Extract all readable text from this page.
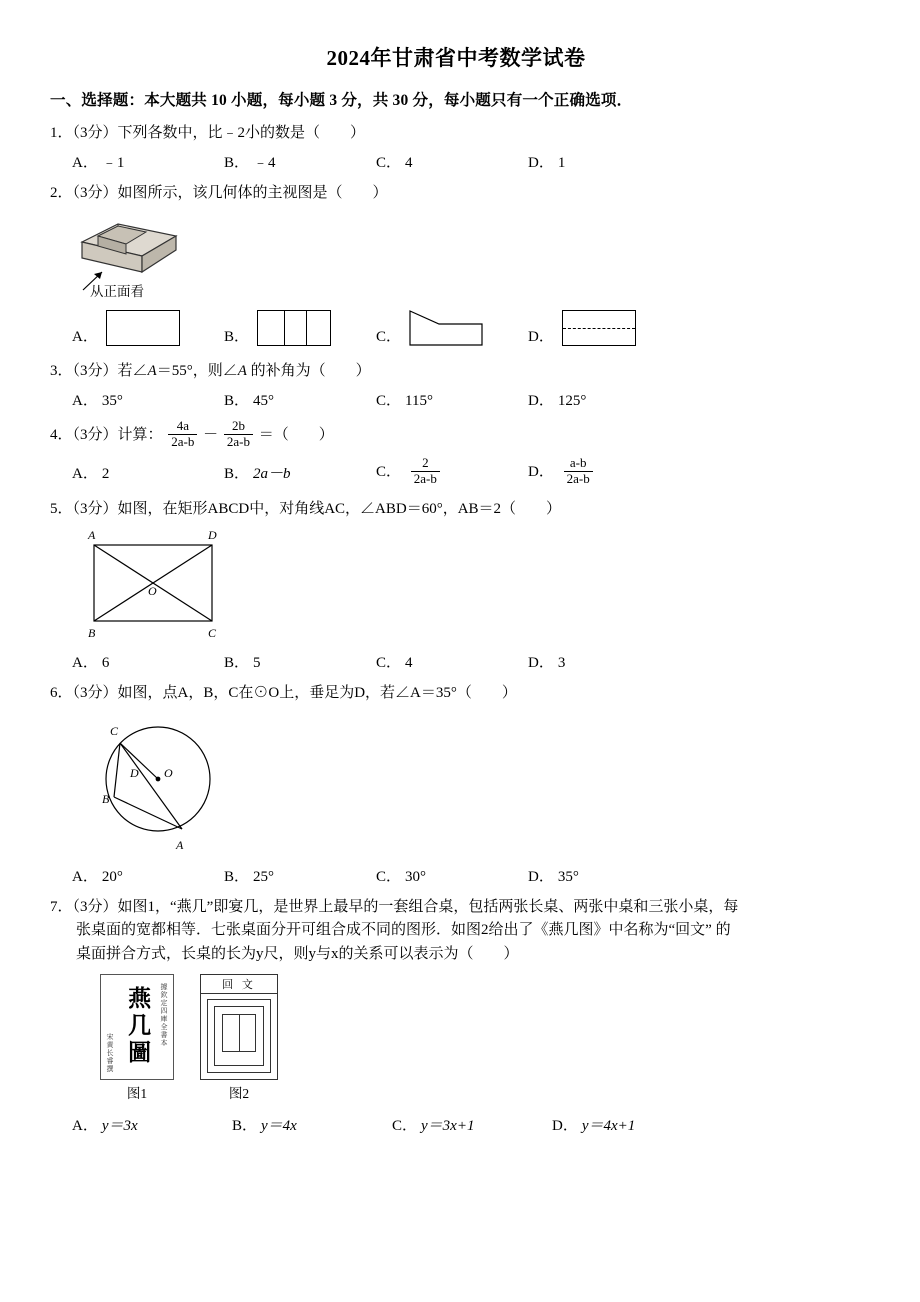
2024年甘肃省中考数学试卷
一、选择题：本大题共 10 小题，每小题 3 分，共 30 分，每小题只有一个正确选项．
1．（3分）下列各数中，比﹣2小的数是（　　）
A． ﹣1	B． ﹣4	C． 4	D． 1
2．（3分）如图所示，该几何体的主视图是（　　）
从正面看
A．	B．	C．	D．
3．（3分）若∠A＝55°，则∠A 的补角为（　　）
A． 35°	B． 45°	C． 115°	D． 125°
4．（3分）计算： $\frac{4a}{2a-b} - \frac{2b}{2a-b}$ ＝（　　）
A． 2	B． 2a－b	C． $\frac{2}{2a-b}$	D． $\frac{a-b}{2a-b}$
5．（3分）如图，在矩形ABCD中，对角线AC，∠ABD＝60°，AB＝2（　　）
A	D
B	C
O
A． 6	B． 5	C． 4	D． 3
6．（3分）如图，点A，B，C在⊙O上，垂足为D，若∠A＝35°（　　）
C
B
A
D O
A． 20°	B． 25°	C． 30°	D． 35°
7．（3分）如图1，“燕几”即宴几，是世界上最早的一套组合桌，包括两张长桌、两张中桌和三张小桌，每
张桌面的宽都相等．七张桌面分开可组合成不同的图形．如图2给出了《燕几图》中名称为“回文” 的
桌面拼合方式，长桌的长为y尺，则y与x的关系可以表示为（　　）
據欽定四庫全書本
燕几圖
宋黄长睿撰
图1
回 文
图2
A． y＝3x	B． y＝4x	C． y＝3x+1	D． y＝4x+1
